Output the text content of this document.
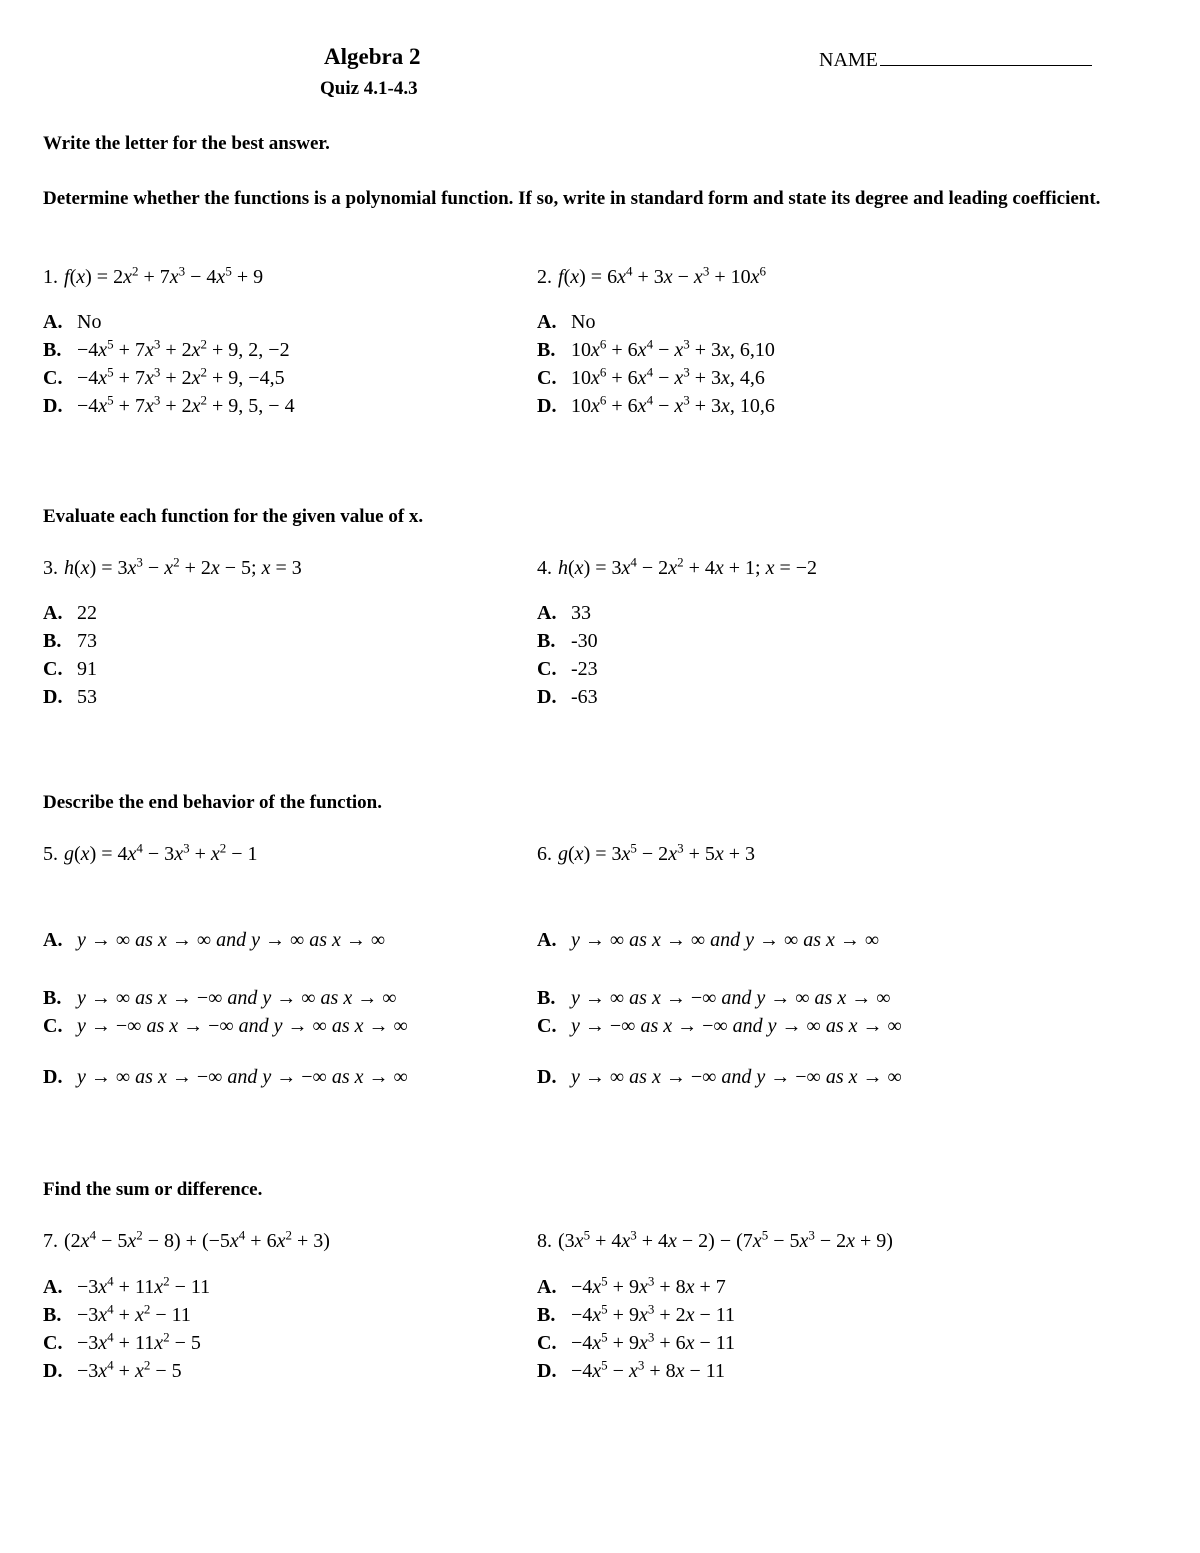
Algebra 2
Quiz 4.1-4.3
NAME
Write the letter for the best answer.
Determine whether the functions is a polynomial function. If so, write in standard form and state its degree and leading coefficient.
1. $f(x) = 2x^2 + 7x^3 - 4x^5 + 9$
A. No
B. $-4x^5 + 7x^3 + 2x^2 + 9$, 2, −2
C. $-4x^5 + 7x^3 + 2x^2 + 9$, −4,5
D. $-4x^5 + 7x^3 + 2x^2 + 9$, 5, − 4
2. $f(x) = 6x^4 + 3x - x^3 + 10x^6$
A. No
B. $10x^6 + 6x^4 - x^3 + 3x$, 6,10
C. $10x^6 + 6x^4 - x^3 + 3x$, 4,6
D. $10x^6 + 6x^4 - x^3 + 3x$, 10,6
Evaluate each function for the given value of x.
3. $h(x) = 3x^3 - x^2 + 2x - 5$; x = 3
A. 22
B. 73
C. 91
D. 53
4. $h(x) = 3x^4 - 2x^2 + 4x + 1$; x = −2
A. 33
B. -30
C. -23
D. -63
Describe the end behavior of the function.
5. $g(x) = 4x^4 - 3x^3 + x^2 - 1$
A. y → ∞ as x → ∞ and y → ∞ as x → ∞
B. y → ∞ as x → −∞ and y → ∞ as x → ∞
C. y → −∞ as x → −∞ and y → ∞ as x → ∞
D. y → ∞ as x → −∞ and y → −∞ as x → ∞
6. $g(x) = 3x^5 - 2x^3 + 5x + 3$
A. y → ∞ as x → ∞ and y → ∞ as x → ∞
B. y → ∞ as x → −∞ and y → ∞ as x → ∞
C. y → −∞ as x → −∞ and y → ∞ as x → ∞
D. y → ∞ as x → −∞ and y → −∞ as x → ∞
Find the sum or difference.
7. $(2x^4 - 5x^2 - 8) + (-5x^4 + 6x^2 + 3)$
A. $-3x^4 + 11x^2 - 11$
B. $-3x^4 + x^2 - 11$
C. $-3x^4 + 11x^2 - 5$
D. $-3x^4 + x^2 - 5$
8. $(3x^5 + 4x^3 + 4x - 2) - (7x^5 - 5x^3 - 2x + 9)$
A. $-4x^5 + 9x^3 + 8x + 7$
B. $-4x^5 + 9x^3 + 2x - 11$
C. $-4x^5 + 9x^3 + 6x - 11$
D. $-4x^5 - x^3 + 8x - 11$
